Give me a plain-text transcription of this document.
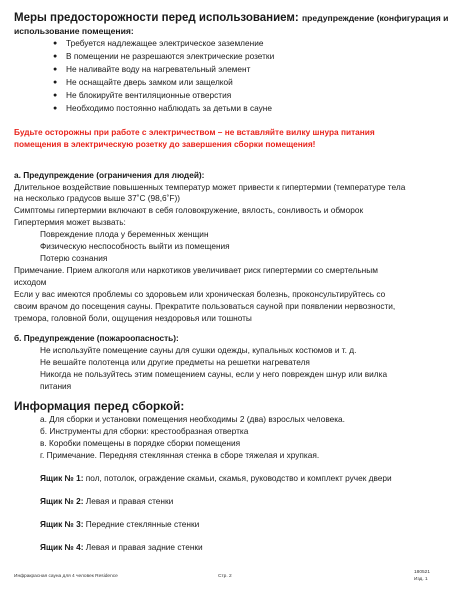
Меры предосторожности перед использованием: предупреждение (конфигурация и
использование помещения:
● Требуется надлежащее электрическое заземление
● В помещении не разрешаются электрические розетки
● Не наливайте воду на нагревательный элемент
● Не оснащайте дверь замком или защелкой
● Не блокируйте вентиляционные отверстия
● Необходимо постоянно наблюдать за детьми в сауне
Будьте осторожны при работе с электричеством – не вставляйте вилку шнура питания
помещения в электрическую розетку до завершения сборки помещения!
а. Предупреждение (ограничения для людей):
Длительное воздействие повышенных температур может привести к гипертермии (температуре тела
на несколько градусов выше 37˚C (98,6˚F))
Симптомы гипертермии включают в себя головокружение, вялость, сонливость и обморок
Гипертермия может вызвать:
Повреждение плода у беременных женщин
Физическую неспособность выйти из помещения
Потерю сознания
Примечание. Прием алкоголя или наркотиков увеличивает риск гипертермии со смертельным
исходом
Если у вас имеются проблемы со здоровьем или хроническая болезнь, проконсультируйтесь со
своим врачом до посещения сауны. Прекратите пользоваться сауной при появлении нервозности,
тремора, головной боли, ощущения нездоровья или тошноты
б. Предупреждение (пожароопасность):
Не используйте помещение сауны для сушки одежды, купальных костюмов и т. д.
Не вешайте полотенца или другие предметы на решетки нагревателя
Никогда не пользуйтесь этим помещением сауны, если у него поврежден шнур или вилка
питания
Информация перед сборкой:
а. Для сборки и установки помещения необходимы 2 (два) взрослых человека.
б. Инструменты для сборки: крестообразная отвертка
в. Коробки помещены в порядке сборки помещения
г. Примечание. Передняя стеклянная стенка в сборе тяжелая и хрупкая.
Ящик № 1: пол, потолок, ограждение скамьи, скамья, руководство и комплект ручек двери
Ящик № 2: Левая и правая стенки
Ящик № 3: Передние стеклянные стенки
Ящик № 4: Левая и правая задние стенки
Инфракрасная сауна для 4 человек Residence	Стр. 2
180521
Изд. 1
